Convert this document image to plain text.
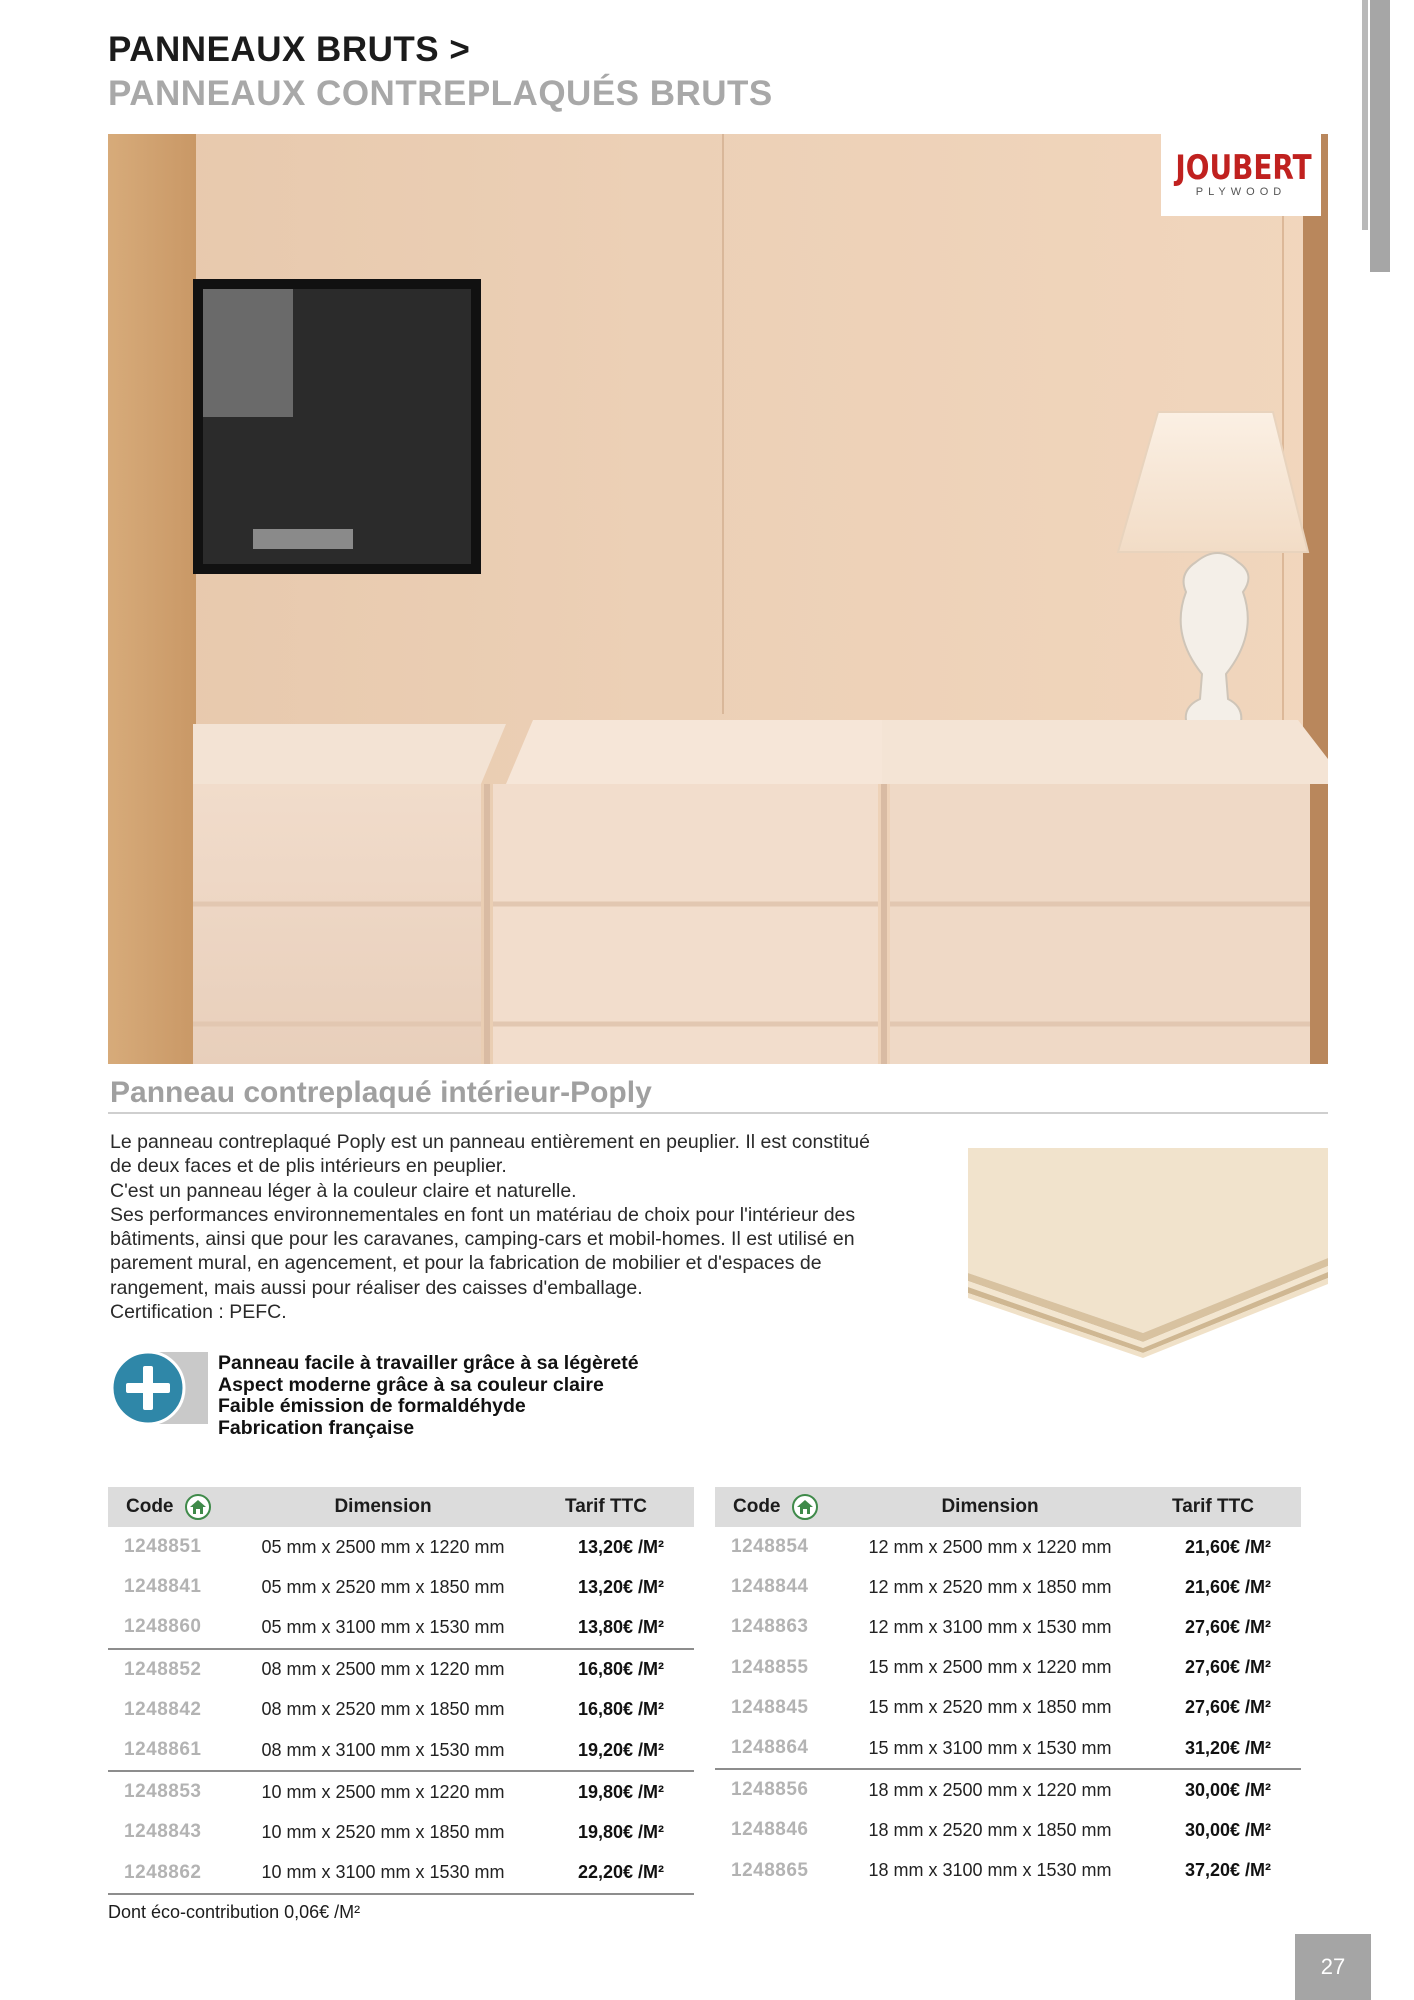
PANNEAUX BRUTS >
PANNEAUX CONTREPLAQUÉS BRUTS
JOUBERT
PLYWOOD
Panneau contreplaqué intérieur-Poply

Le panneau contreplaqué Poply est un panneau entièrement en peuplier. Il est constitué de deux faces et de plis intérieurs en peuplier.

C'est un panneau léger à la couleur claire et naturelle.

Ses performances environnementales en font un matériau de choix pour l'intérieur des bâtiments, ainsi que pour les caravanes, camping-cars et mobil-homes. Il est utilisé en parement mural, en agencement, et pour la fabrication de mobilier et d'espaces de rangement, mais aussi pour réaliser des caisses d'emballage.

Certification : PEFC.

Panneau facile à travailler grâce à sa légèreté
Aspect moderne grâce à sa couleur claire
Faible émission de formaldéhyde
Fabrication française
Code	Dimension	Tarif TTC
1248851	05 mm x 2500 mm x 1220 mm	13,20€ /M²
1248841	05 mm x 2520 mm x 1850 mm	13,20€ /M²
1248860	05 mm x 3100 mm x 1530 mm	13,80€ /M²
1248852	08 mm x 2500 mm x 1220 mm	16,80€ /M²
1248842	08 mm x 2520 mm x 1850 mm	16,80€ /M²
1248861	08 mm x 3100 mm x 1530 mm	19,20€ /M²
1248853	10 mm x 2500 mm x 1220 mm	19,80€ /M²
1248843	10 mm x 2520 mm x 1850 mm	19,80€ /M²
1248862	10 mm x 3100 mm x 1530 mm	22,20€ /M²
Code	Dimension	Tarif TTC
1248854	12 mm x 2500 mm x 1220 mm	21,60€ /M²
1248844	12 mm x 2520 mm x 1850 mm	21,60€ /M²
1248863	12 mm x 3100 mm x 1530 mm	27,60€ /M²
1248855	15 mm x 2500 mm x 1220 mm	27,60€ /M²
1248845	15 mm x 2520 mm x 1850 mm	27,60€ /M²
1248864	15 mm x 3100 mm x 1530 mm	31,20€ /M²
1248856	18 mm x 2500 mm x 1220 mm	30,00€ /M²
1248846	18 mm x 2520 mm x 1850 mm	30,00€ /M²
1248865	18 mm x 3100 mm x 1530 mm	37,20€ /M²
Dont éco-contribution 0,06€ /M²
27
